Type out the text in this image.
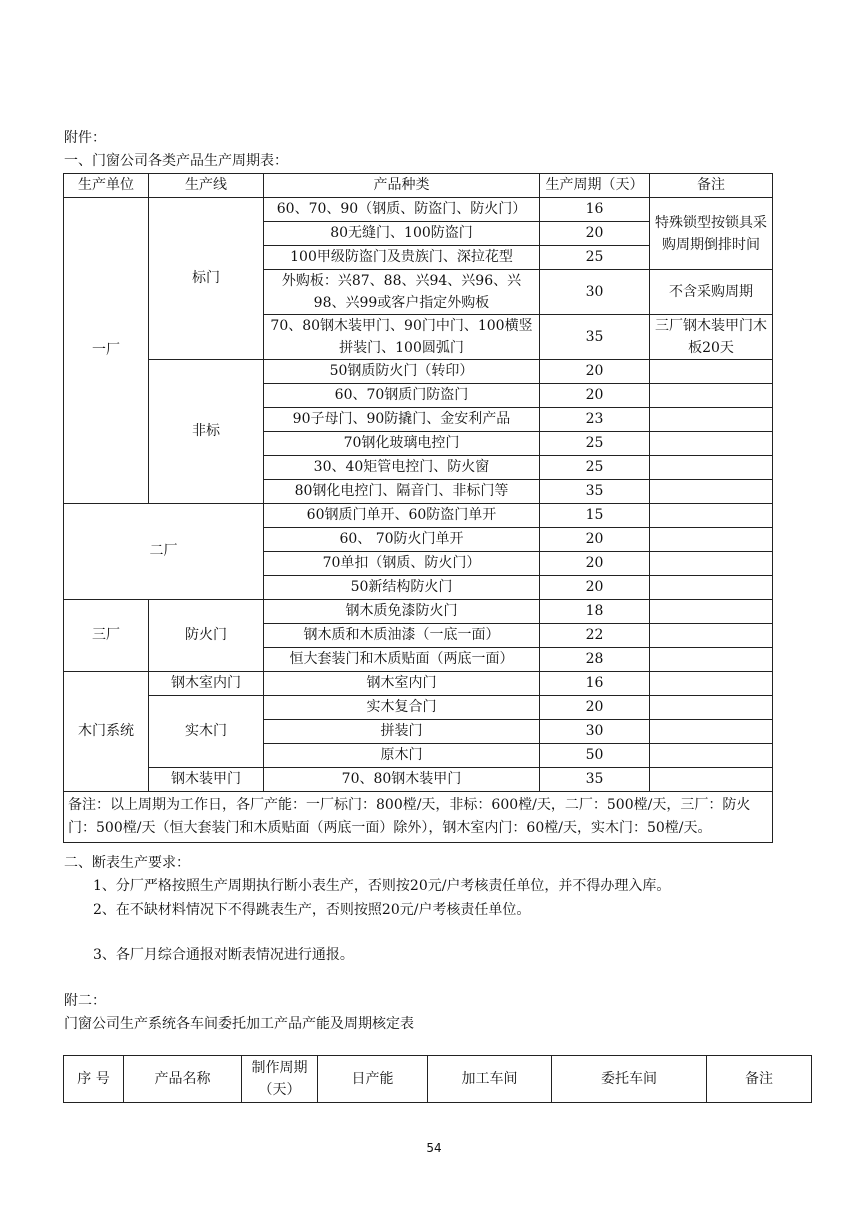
附件：
一、门窗公司各类产品生产周期表：
生产单位	生产线	产品种类	生产周期（天）	备注
一厂	标门	60、70、90（钢质、防盗门、防火门）	16	特殊锁型按锁具采购周期倒排时间
		80无缝门、100防盗门	20	
		100甲级防盗门及贵族门、深拉花型	25	
		外购板：兴87、88、兴94、兴96、兴98、兴99或客户指定外购板	30	不含采购周期
		70、80钢木装甲门、90门中门、100横竖拼装门、100圆弧门	35	三厂钢木装甲门木板20天
	非标	50钢质防火门（转印）	20	
		60、70钢质门防盗门	20	
		90子母门、90防撬门、金安利产品	23	
		70钢化玻璃电控门	25	
		30、40矩管电控门、防火窗	25	
		80钢化电控门、隔音门、非标门等	35	
二厂		60钢质门单开、60防盗门单开	15	
		60、 70防火门单开	20	
		70单扣（钢质、防火门）	20	
		50新结构防火门	20	
三厂	防火门	钢木质免漆防火门	18	
		钢木质和木质油漆（一底一面）	22	
		恒大套装门和木质贴面（两底一面）	28	
木门系统	钢木室内门	钢木室内门	16	
	实木门	实木复合门	20	
		拼装门	30	
		原木门	50	
	钢木装甲门	70、80钢木装甲门	35	
备注：以上周期为工作日，各厂产能：一厂标门：800樘/天，非标：600樘/天，二厂：500樘/天，三厂：防火门：500樘/天（恒大套装门和木质贴面（两底一面）除外），钢木室内门：60樘/天，实木门：50樘/天。				
二、断表生产要求：
1、分厂严格按照生产周期执行断小表生产，否则按20元/户考核责任单位，并不得办理入库。
2、在不缺材料情况下不得跳表生产，否则按照20元/户考核责任单位。
3、各厂月综合通报对断表情况进行通报。
附二：
门窗公司生产系统各车间委托加工产品产能及周期核定表
序 号	产品名称	制作周期（天）	日产能	加工车间	委托车间	备注
54
